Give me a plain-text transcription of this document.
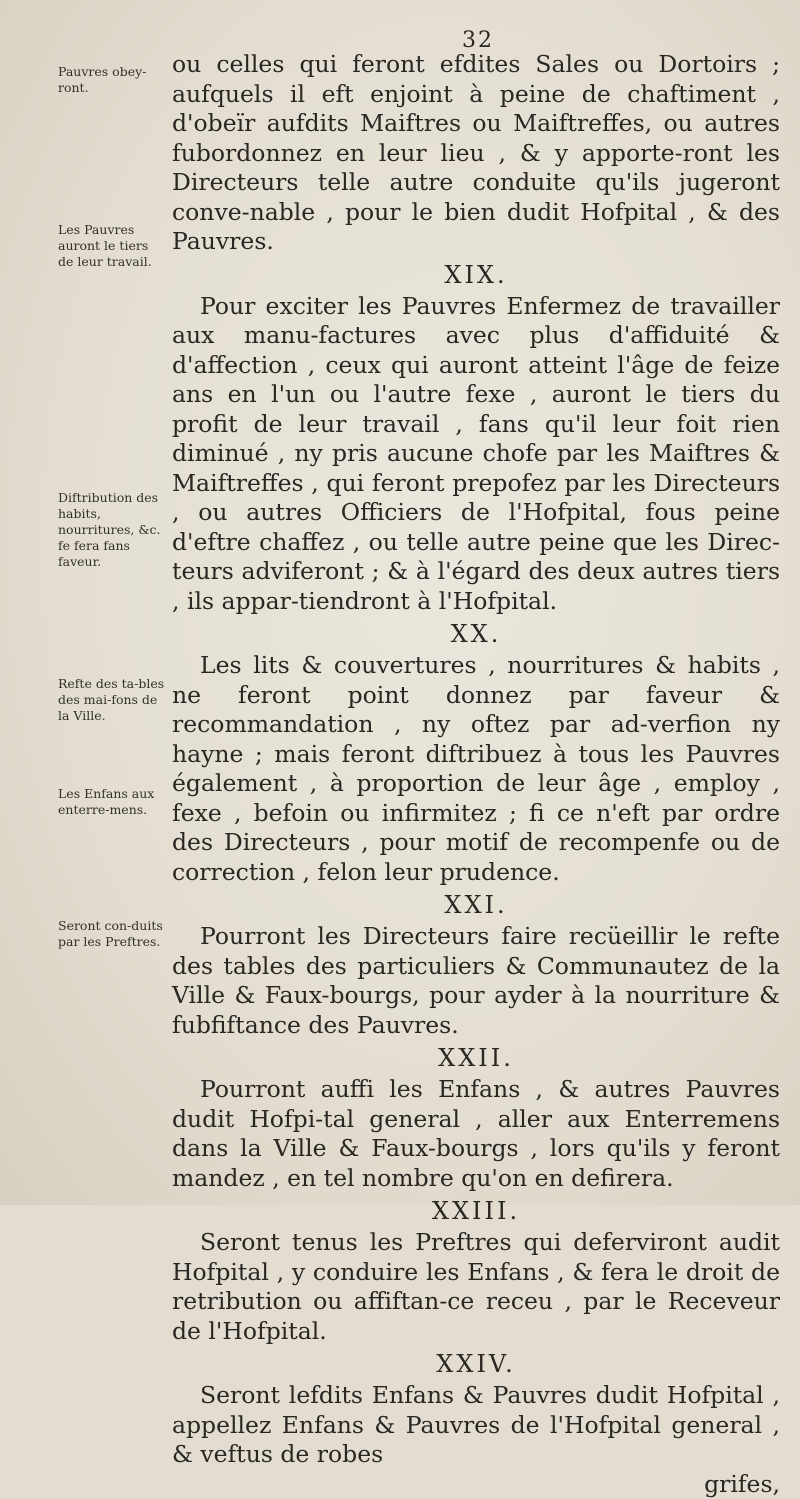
32
Pauvres obey-ront.
Les Pauvres auront le tiers de leur travail.
Diftribution des habits, nourritures, &c. fe fera fans faveur.
Refte des ta-bles des mai-fons de la Ville.
Les Enfans aux enterre-mens.
Seront con-duits par les Preftres.

ou celles qui feront efdites Sales ou Dortoirs ; aufquels il eft enjoint à peine de chaftiment , d'obeïr aufdits Maiftres ou Maiftreffes, ou autres fubordonnez en leur lieu , & y apporte-ront les Directeurs telle autre conduite qu'ils jugeront conve-nable , pour le bien dudit Hofpital , & des Pauvres.

XIX.

Pour exciter les Pauvres Enfermez de travailler aux manu-factures avec plus d'affiduité & d'affection , ceux qui auront atteint l'âge de feize ans en l'un ou l'autre fexe , auront le tiers du profit de leur travail , fans qu'il leur foit rien diminué , ny pris aucune chofe par les Maiftres & Maiftreffes , qui feront prepofez par les Directeurs , ou autres Officiers de l'Hofpital, fous peine d'eftre chaffez , ou telle autre peine que les Direc-teurs adviferont ; & à l'égard des deux autres tiers , ils appar-tiendront à l'Hofpital.

XX.

Les lits & couvertures , nourritures & habits , ne feront point donnez par faveur & recommandation , ny oftez par ad-verfion ny hayne ; mais feront diftribuez à tous les Pauvres également , à proportion de leur âge , employ , fexe , befoin ou infirmitez ; fi ce n'eft par ordre des Directeurs , pour motif de recompenfe ou de correction , felon leur prudence.

XXI.

Pourront les Directeurs faire recüeillir le refte des tables des particuliers & Communautez de la Ville & Faux-bourgs, pour ayder à la nourriture & fubfiftance des Pauvres.

XXII.

Pourront auffi les Enfans , & autres Pauvres dudit Hofpi-tal general , aller aux Enterremens dans la Ville & Faux-bourgs , lors qu'ils y feront mandez , en tel nombre qu'on en defirera.

XXIII.

Seront tenus les Preftres qui deferviront audit Hofpital , y conduire les Enfans , & fera le droit de retribution ou affiftan-ce receu , par le Receveur de l'Hofpital.

XXIV.

Seront lefdits Enfans & Pauvres dudit Hofpital , appellez Enfans & Pauvres de l'Hofpital general , & veftus de robes

grifes,
